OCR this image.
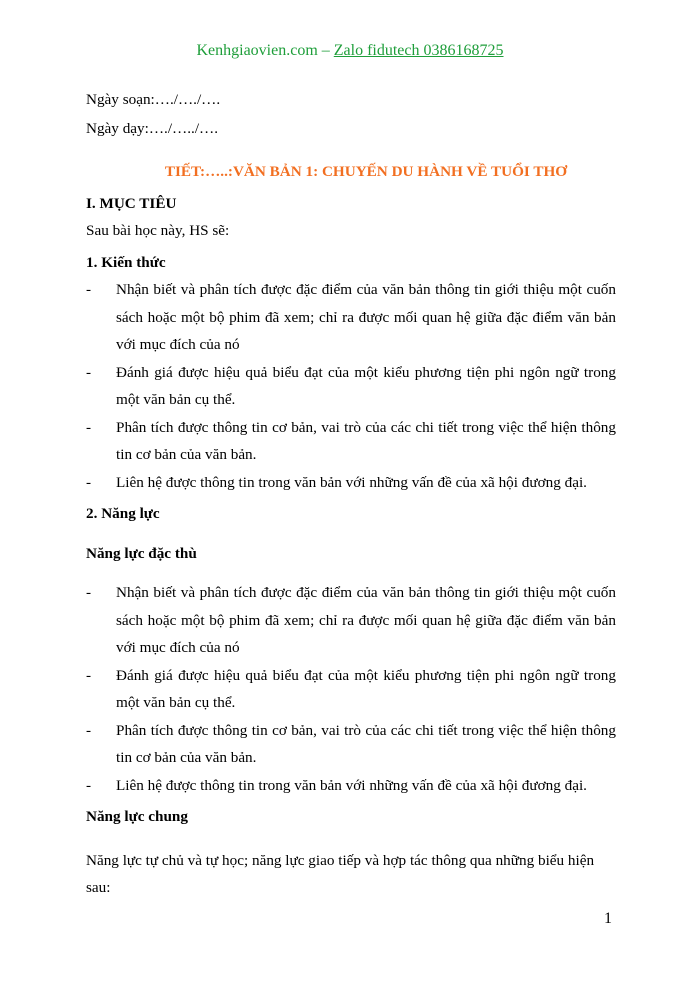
Kenhgiaovien.com – Zalo fidutech 0386168725

Ngày soạn:…./…./….

Ngày dạy:…./…../….

TIẾT:…..:VĂN BẢN 1: CHUYẾN DU HÀNH VỀ TUỔI THƠ

I. MỤC TIÊU

Sau bài học này, HS sẽ:

1. Kiến thức

- Nhận biết và phân tích được đặc điểm của văn bản thông tin giới thiệu một cuốn sách hoặc một bộ phim đã xem; chỉ ra được mối quan hệ giữa đặc điểm văn bản với mục đích của nó
- Đánh giá được hiệu quả biểu đạt của một kiểu phương tiện phi ngôn ngữ trong một văn bản cụ thể.
- Phân tích được thông tin cơ bản, vai trò của các chi tiết trong việc thể hiện thông tin cơ bản của văn bản.
- Liên hệ được thông tin trong văn bản với những vấn đề của xã hội đương đại.

2. Năng lực

Năng lực đặc thù

- Nhận biết và phân tích được đặc điểm của văn bản thông tin giới thiệu một cuốn sách hoặc một bộ phim đã xem; chỉ ra được mối quan hệ giữa đặc điểm văn bản với mục đích của nó
- Đánh giá được hiệu quả biểu đạt của một kiểu phương tiện phi ngôn ngữ trong một văn bản cụ thể.
- Phân tích được thông tin cơ bản, vai trò của các chi tiết trong việc thể hiện thông tin cơ bản của văn bản.
- Liên hệ được thông tin trong văn bản với những vấn đề của xã hội đương đại.

Năng lực chung

Năng lực tự chủ và tự học; năng lực giao tiếp và hợp tác thông qua những biểu hiện sau:

1
